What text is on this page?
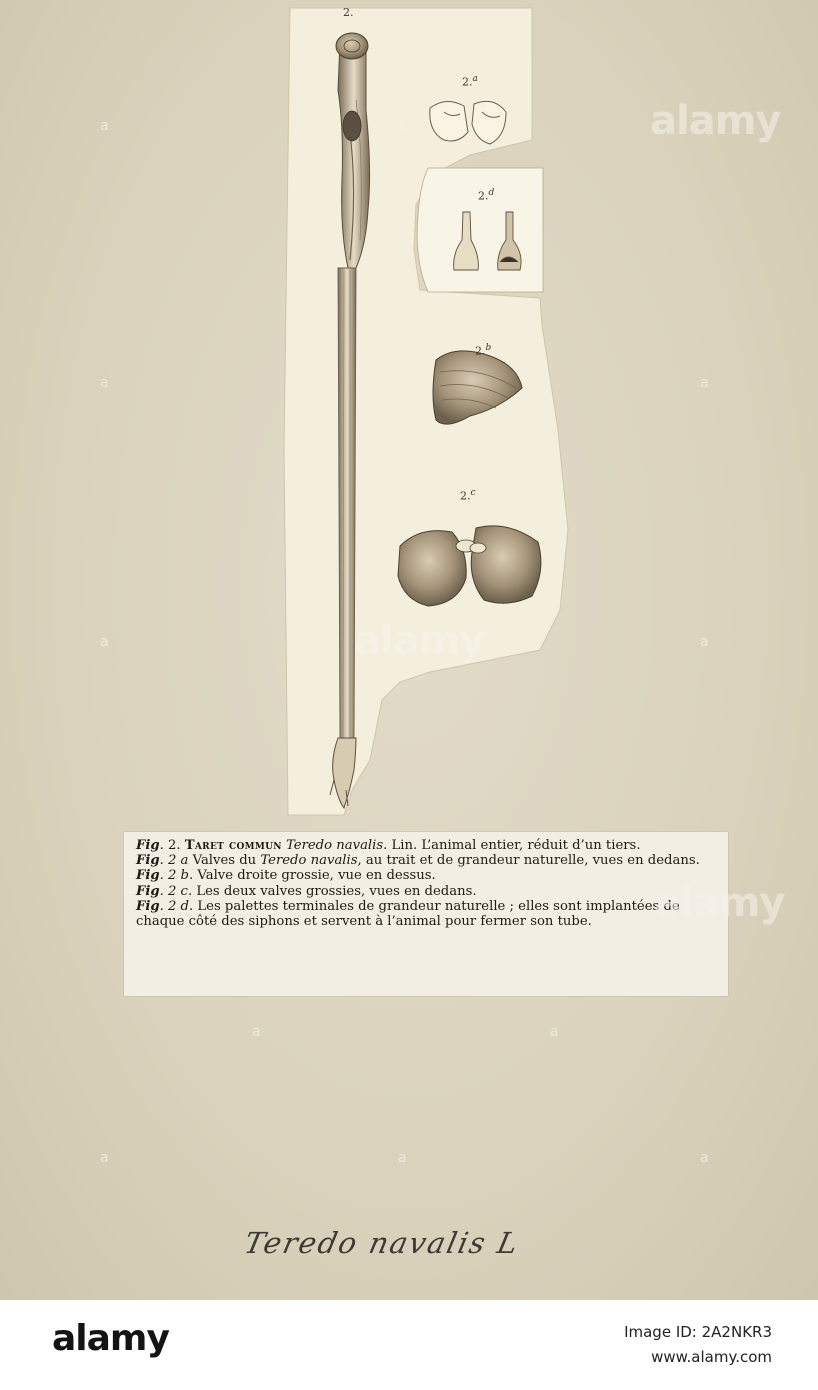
2.
2.$^a$
2.$^d$
2.$^b$
2.$^c$

Fig. 2. Taret commun Teredo navalis. Lin. L’animal entier, réduit d’un tiers.

Fig. 2 a Valves du Teredo navalis, au trait et de grandeur naturelle, vues en dedans.

Fig. 2 b. Valve droite grossie, vue en dessus.

Fig. 2 c. Les deux valves grossies, vues en dedans.

Fig. 2 d. Les palettes terminales de grandeur naturelle ; elles sont implantées de chaque côté des siphons et servent à l’animal pour fermer son tube.

Teredo navalis L
alamy
alamy
alamy
a	a
a	a
a	a
a	a	a
a	a
alamy	Image ID: 2A2NKR3
www.alamy.com
